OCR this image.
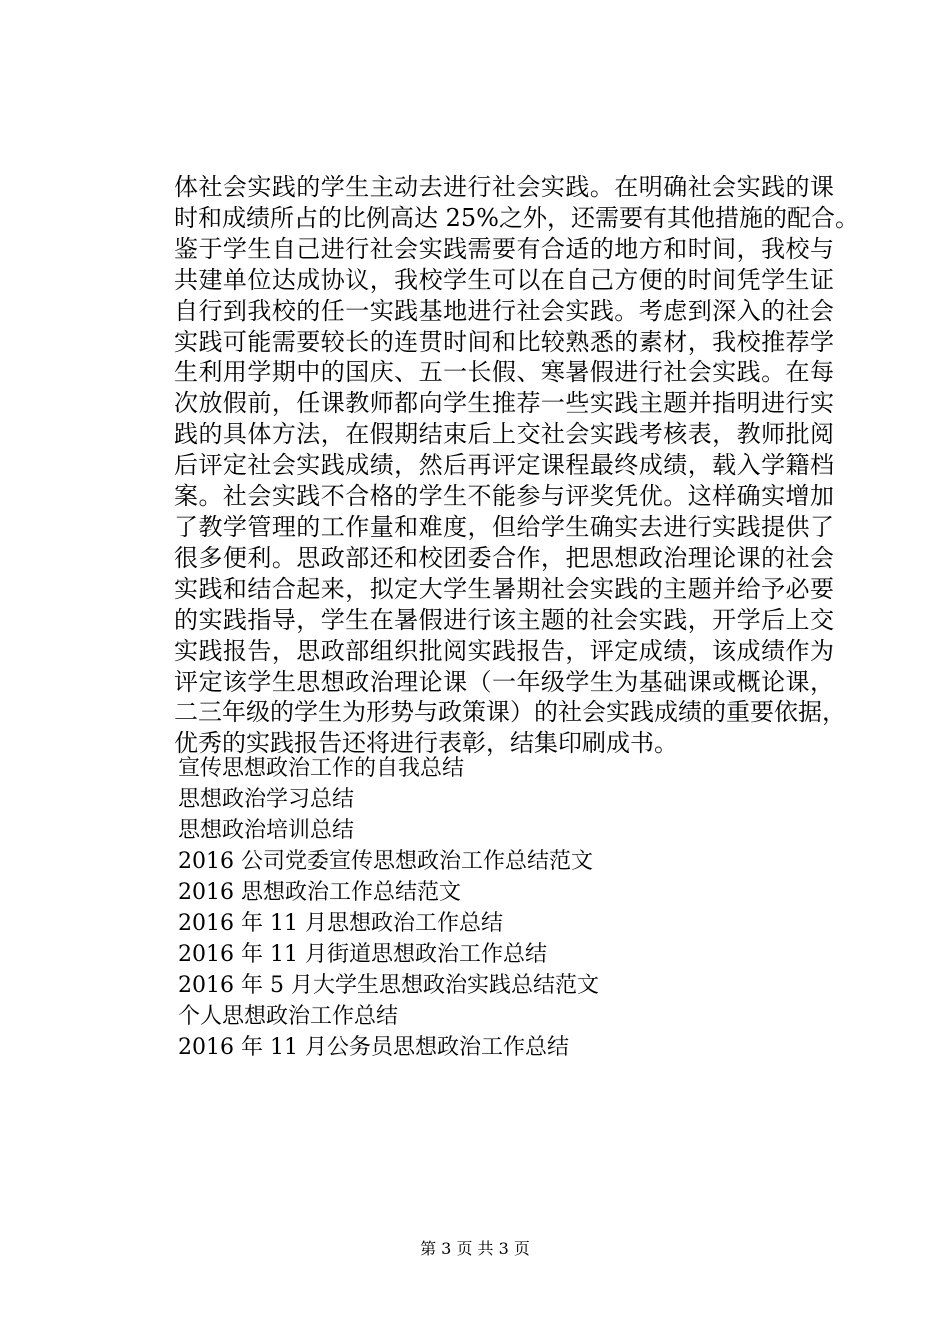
体社会实践的学生主动去进行社会实践。在明确社会实践的课
时和成绩所占的比例高达 25%之外，还需要有其他措施的配合。
鉴于学生自己进行社会实践需要有合适的地方和时间，我校与
共建单位达成协议，我校学生可以在自己方便的时间凭学生证
自行到我校的任一实践基地进行社会实践。考虑到深入的社会
实践可能需要较长的连贯时间和比较熟悉的素材，我校推荐学
生利用学期中的国庆、五一长假、寒暑假进行社会实践。在每
次放假前，任课教师都向学生推荐一些实践主题并指明进行实
践的具体方法，在假期结束后上交社会实践考核表，教师批阅
后评定社会实践成绩，然后再评定课程最终成绩，载入学籍档
案。社会实践不合格的学生不能参与评奖凭优。这样确实增加
了教学管理的工作量和难度，但给学生确实去进行实践提供了
很多便利。思政部还和校团委合作，把思想政治理论课的社会
实践和结合起来，拟定大学生暑期社会实践的主题并给予必要
的实践指导，学生在暑假进行该主题的社会实践，开学后上交
实践报告，思政部组织批阅实践报告，评定成绩，该成绩作为
评定该学生思想政治理论课（一年级学生为基础课或概论课，
二三年级的学生为形势与政策课）的社会实践成绩的重要依据，
优秀的实践报告还将进行表彰，结集印刷成书。
宣传思想政治工作的自我总结
思想政治学习总结
思想政治培训总结
2016 公司党委宣传思想政治工作总结范文
2016 思想政治工作总结范文
2016 年 11 月思想政治工作总结
2016 年 11 月街道思想政治工作总结
2016 年 5 月大学生思想政治实践总结范文
个人思想政治工作总结
2016 年 11 月公务员思想政治工作总结
第 3 页 共 3 页
